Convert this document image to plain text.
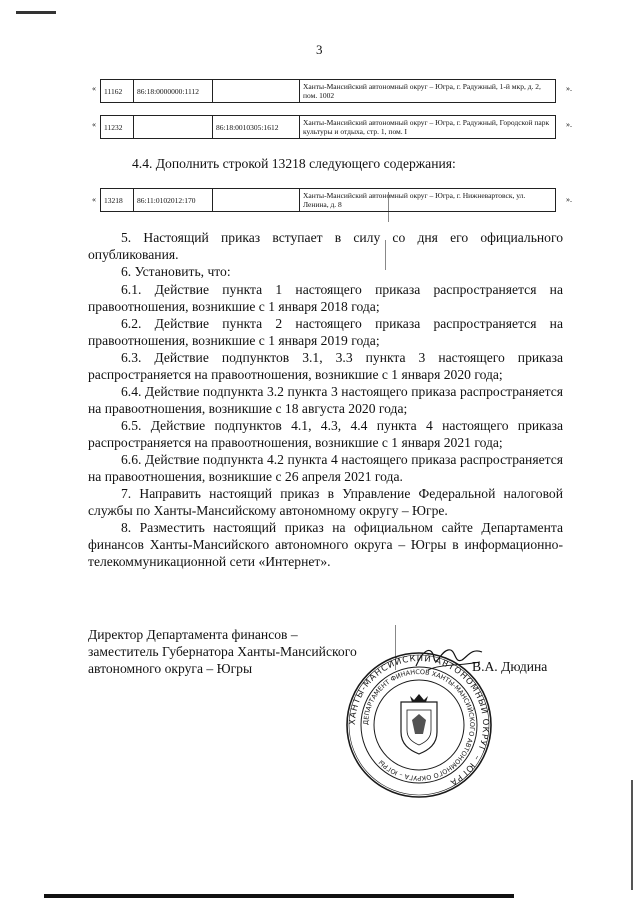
3
« 11162	86:18:0000000:1112		Ханты-Мансийский автономный округ – Югра, г. Радужный, 1-й мкр, д. 2, пом. 1002
».
« 11232		86:18:0010305:1612	Ханты-Мансийский автономный округ – Югра, г. Радужный, Городской парк культуры и отдыха, стр. 1, пом. I
».
4.4. Дополнить строкой 13218 следующего содержания:
« 13218	86:11:0102012:170		Ханты-Мансийский автономный округ – Югра, г. Нижневартовск, ул. Ленина, д. 8
».

5. Настоящий приказ вступает в силу со дня его официального опубликования.

6. Установить, что:

6.1. Действие пункта 1 настоящего приказа распространяется на правоотношения, возникшие с 1 января 2018 года;

6.2. Действие пункта 2 настоящего приказа распространяется на правоотношения, возникшие с 1 января 2019 года;

6.3. Действие подпунктов 3.1, 3.3 пункта 3 настоящего приказа распространяется на правоотношения, возникшие с 1 января 2020 года;

6.4. Действие подпункта 3.2 пункта 3 настоящего приказа распространяется на правоотношения, возникшие с 18 августа 2020 года;

6.5. Действие подпунктов 4.1, 4.3, 4.4 пункта 4 настоящего приказа распространяется на правоотношения, возникшие с 1 января 2021 года;

6.6. Действие подпункта 4.2 пункта 4 настоящего приказа распространяется на правоотношения, возникшие с 26 апреля 2021 года.

7. Направить настоящий приказ в Управление Федеральной налоговой службы по Ханты-Мансийскому автономному округу – Югре.

8. Разместить настоящий приказ на официальном сайте Департамента финансов Ханты-Мансийского автономного округа – Югры в информационно-телекоммуникационной сети «Интернет».

Директор Департамента финансов –
заместитель Губернатора Ханты-Мансийского
автономного округа – Югры	В.А. Дюдина
ХАНТЫ-МАНСИЙСКИЙ АВТОНОМНЫЙ ОКРУГ – ЮГРА
ДЕПАРТАМЕНТ ФИНАНСОВ ХАНТЫ-МАНСИЙСКОГО АВТОНОМНОГО ОКРУГА – ЮГРЫ
